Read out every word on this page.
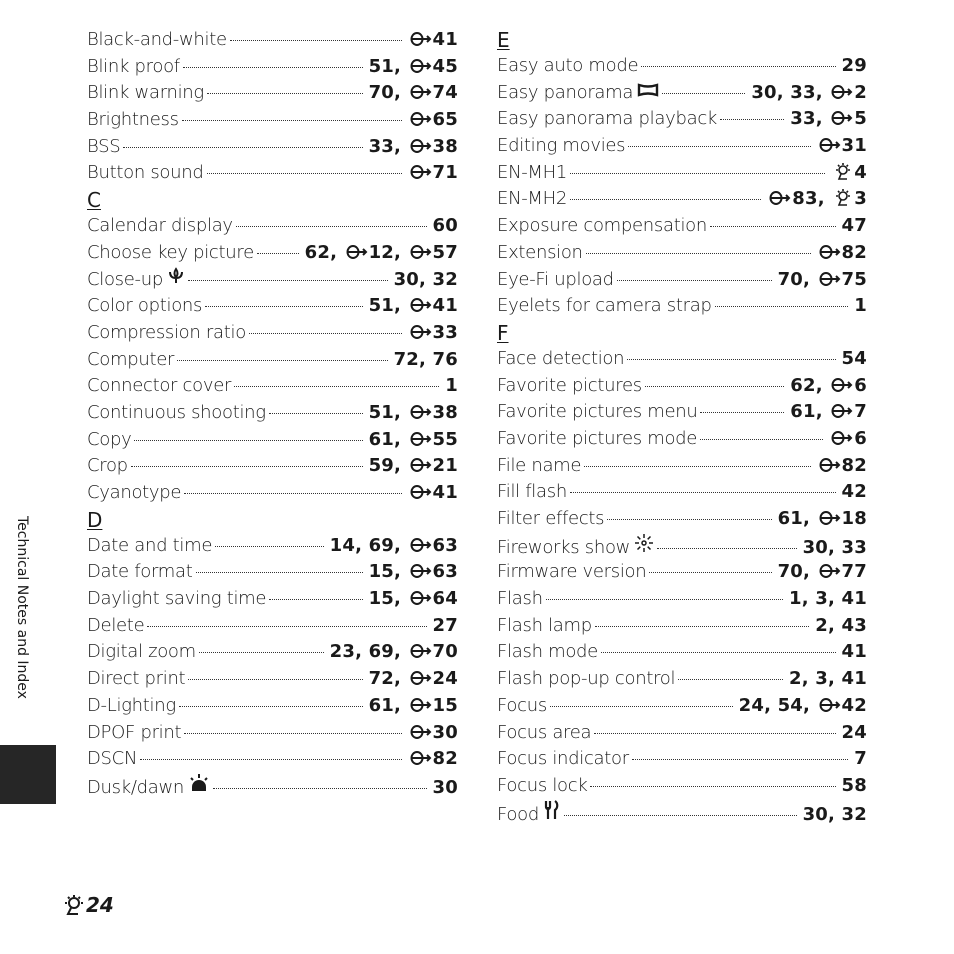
Black-and-white	41
Blink proof	51, 45
Blink warning	70, 74
Brightness	65
BSS	33, 38
Button sound	71
C
Calendar display	60
Choose key picture	62, 12, 57
Close-up	30, 32
Color options	51, 41
Compression ratio	33
Computer	72, 76
Connector cover	1
Continuous shooting	51, 38
Copy	61, 55
Crop	59, 21
Cyanotype	41
D
Date and time	14, 69, 63
Date format	15, 63
Daylight saving time	15, 64
Delete	27
Digital zoom	23, 69, 70
Direct print	72, 24
D-Lighting	61, 15
DPOF print	30
DSCN	82
Dusk/dawn	30
E
Easy auto mode	29
Easy panorama	30, 33, 2
Easy panorama playback	33, 5
Editing movies	31
EN-MH1	4
EN-MH2	83, 3
Exposure compensation	47
Extension	82
Eye-Fi upload	70, 75
Eyelets for camera strap	1
F
Face detection	54
Favorite pictures	62, 6
Favorite pictures menu	61, 7
Favorite pictures mode	6
File name	82
Fill flash	42
Filter effects	61, 18
Fireworks show	30, 33
Firmware version	70, 77
Flash	1, 3, 41
Flash lamp	2, 43
Flash mode	41
Flash pop-up control	2, 3, 41
Focus	24, 54, 42
Focus area	24
Focus indicator	7
Focus lock	58
Food	30, 32
Technical Notes and Index
24
